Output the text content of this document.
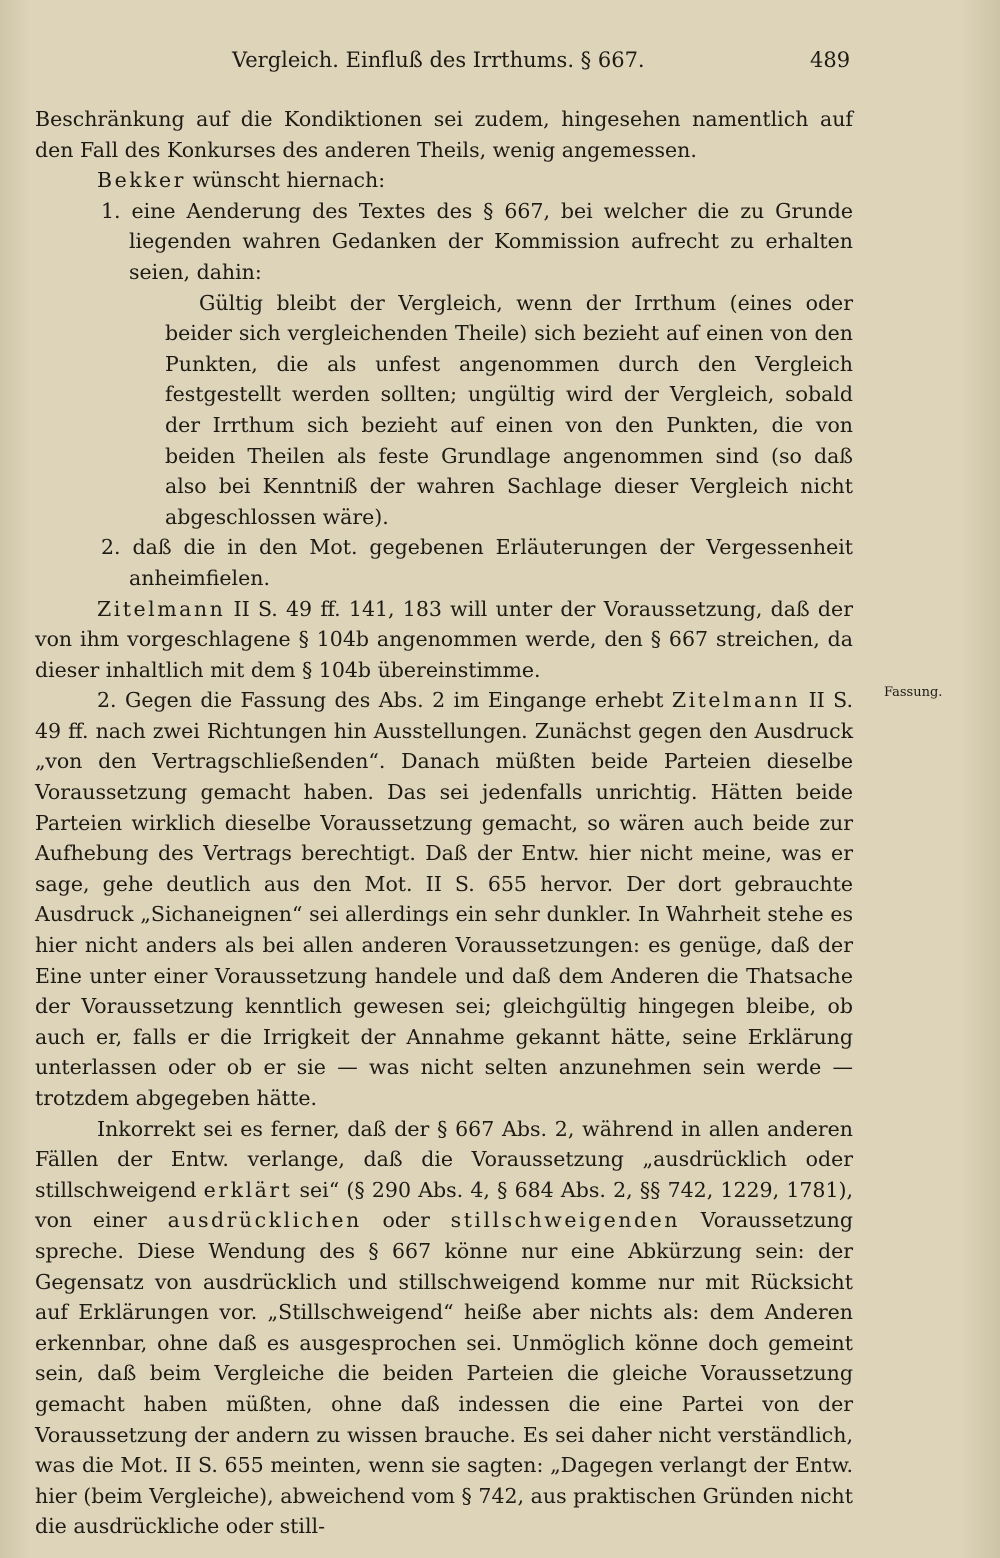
Vergleich. Einfluß des Irrthums. § 667.	489
Fassung.

Beschränkung auf die Kondiktionen sei zudem, hingesehen namentlich auf den Fall des Konkurses des anderen Theils, wenig angemessen.

Bekker wünscht hiernach:

1. eine Aenderung des Textes des § 667, bei welcher die zu Grunde liegenden wahren Gedanken der Kommission aufrecht zu erhalten seien, dahin:

Gültig bleibt der Vergleich, wenn der Irrthum (eines oder beider sich vergleichenden Theile) sich bezieht auf einen von den Punkten, die als unfest angenommen durch den Vergleich festgestellt werden sollten; ungültig wird der Vergleich, sobald der Irrthum sich bezieht auf einen von den Punkten, die von beiden Theilen als feste Grundlage angenommen sind (so daß also bei Kenntniß der wahren Sachlage dieser Vergleich nicht abgeschlossen wäre).

2. daß die in den Mot. gegebenen Erläuterungen der Vergessenheit anheimfielen.

Zitelmann II S. 49 ff. 141, 183 will unter der Voraussetzung, daß der von ihm vorgeschlagene § 104b angenommen werde, den § 667 streichen, da dieser inhaltlich mit dem § 104b übereinstimme.

2. Gegen die Fassung des Abs. 2 im Eingange erhebt Zitelmann II S. 49 ff. nach zwei Richtungen hin Ausstellungen. Zunächst gegen den Ausdruck „von den Vertragschließenden“. Danach müßten beide Parteien dieselbe Voraussetzung gemacht haben. Das sei jedenfalls unrichtig. Hätten beide Parteien wirklich dieselbe Voraussetzung gemacht, so wären auch beide zur Aufhebung des Vertrags berechtigt. Daß der Entw. hier nicht meine, was er sage, gehe deutlich aus den Mot. II S. 655 hervor. Der dort gebrauchte Ausdruck „Sichaneignen“ sei allerdings ein sehr dunkler. In Wahrheit stehe es hier nicht anders als bei allen anderen Voraussetzungen: es genüge, daß der Eine unter einer Voraussetzung handele und daß dem Anderen die Thatsache der Voraussetzung kenntlich gewesen sei; gleichgültig hingegen bleibe, ob auch er, falls er die Irrigkeit der Annahme gekannt hätte, seine Erklärung unterlassen oder ob er sie — was nicht selten anzunehmen sein werde — trotzdem abgegeben hätte.

Inkorrekt sei es ferner, daß der § 667 Abs. 2, während in allen anderen Fällen der Entw. verlange, daß die Voraussetzung „ausdrücklich oder stillschweigend erklärt sei“ (§ 290 Abs. 4, § 684 Abs. 2, §§ 742, 1229, 1781), von einer ausdrücklichen oder stillschweigenden Voraussetzung spreche. Diese Wendung des § 667 könne nur eine Abkürzung sein: der Gegensatz von ausdrücklich und stillschweigend komme nur mit Rücksicht auf Erklärungen vor. „Stillschweigend“ heiße aber nichts als: dem Anderen erkennbar, ohne daß es ausgesprochen sei. Unmöglich könne doch gemeint sein, daß beim Vergleiche die beiden Parteien die gleiche Voraussetzung gemacht haben müßten, ohne daß indessen die eine Partei von der Voraussetzung der andern zu wissen brauche. Es sei daher nicht verständlich, was die Mot. II S. 655 meinten, wenn sie sagten: „Dagegen verlangt der Entw. hier (beim Vergleiche), abweichend vom § 742, aus praktischen Gründen nicht die ausdrückliche oder still-
